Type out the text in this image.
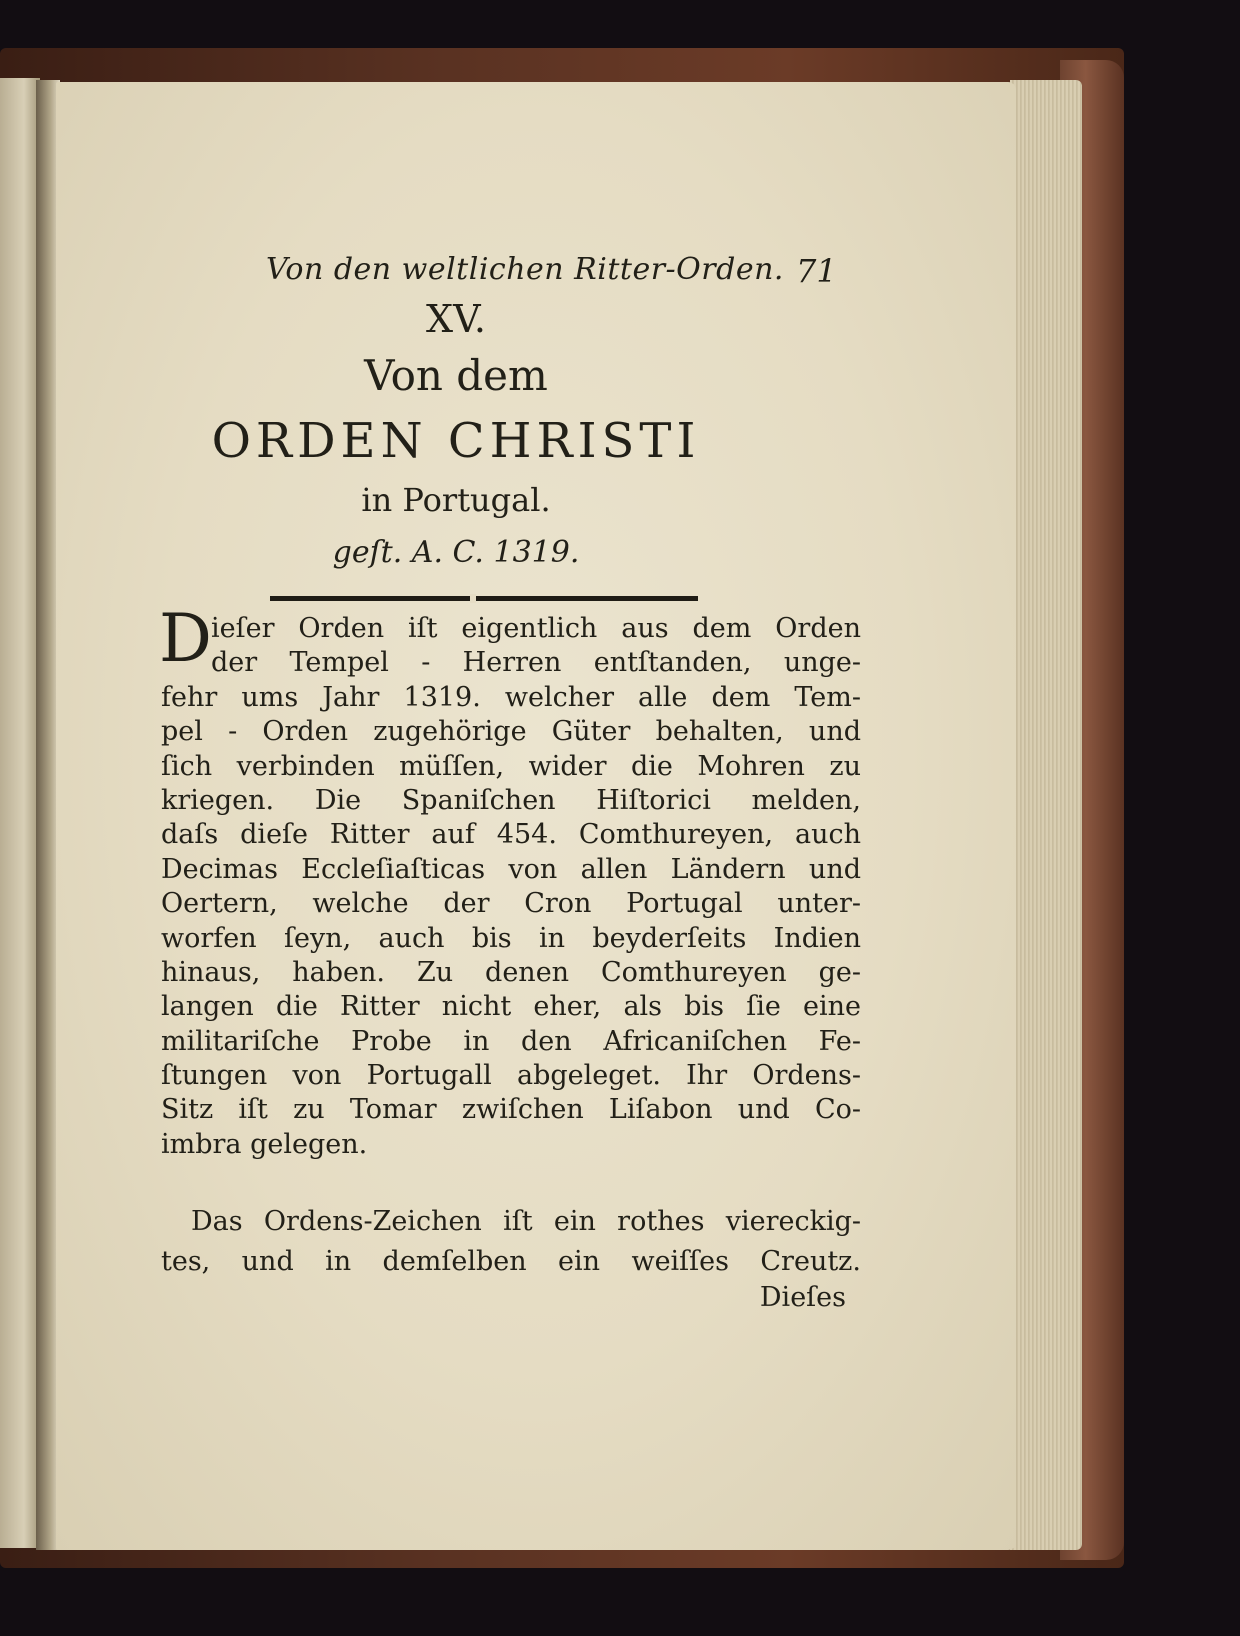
Von den weltlichen Ritter-Orden. 71
XV.
Von dem
ORDEN CHRISTI
in Portugal.
geſt. A. C. 1319.
D ieſer Orden iſt eigentlich aus dem Orden
der Tempel - Herren entſtanden, unge-
fehr ums Jahr 1319. welcher alle dem Tem-
pel - Orden zugehörige Güter behalten, und
ſich verbinden müſſen, wider die Mohren zu
kriegen. Die Spaniſchen Hiſtorici melden,
daſs dieſe Ritter auf 454. Comthureyen, auch
Decimas Eccleſiaſticas von allen Ländern und
Oertern, welche der Cron Portugal unter-
worfen ſeyn, auch bis in beyderſeits Indien
hinaus, haben. Zu denen Comthureyen ge-
langen die Ritter nicht eher, als bis ſie eine
militariſche Probe in den Africaniſchen Fe-
ſtungen von Portugall abgeleget. Ihr Ordens-
Sitz iſt zu Tomar zwiſchen Liſabon und Co-
imbra gelegen.
Das Ordens-Zeichen iſt ein rothes viereckig-
tes, und in demſelben ein weiſſes Creutz.
Dieſes
